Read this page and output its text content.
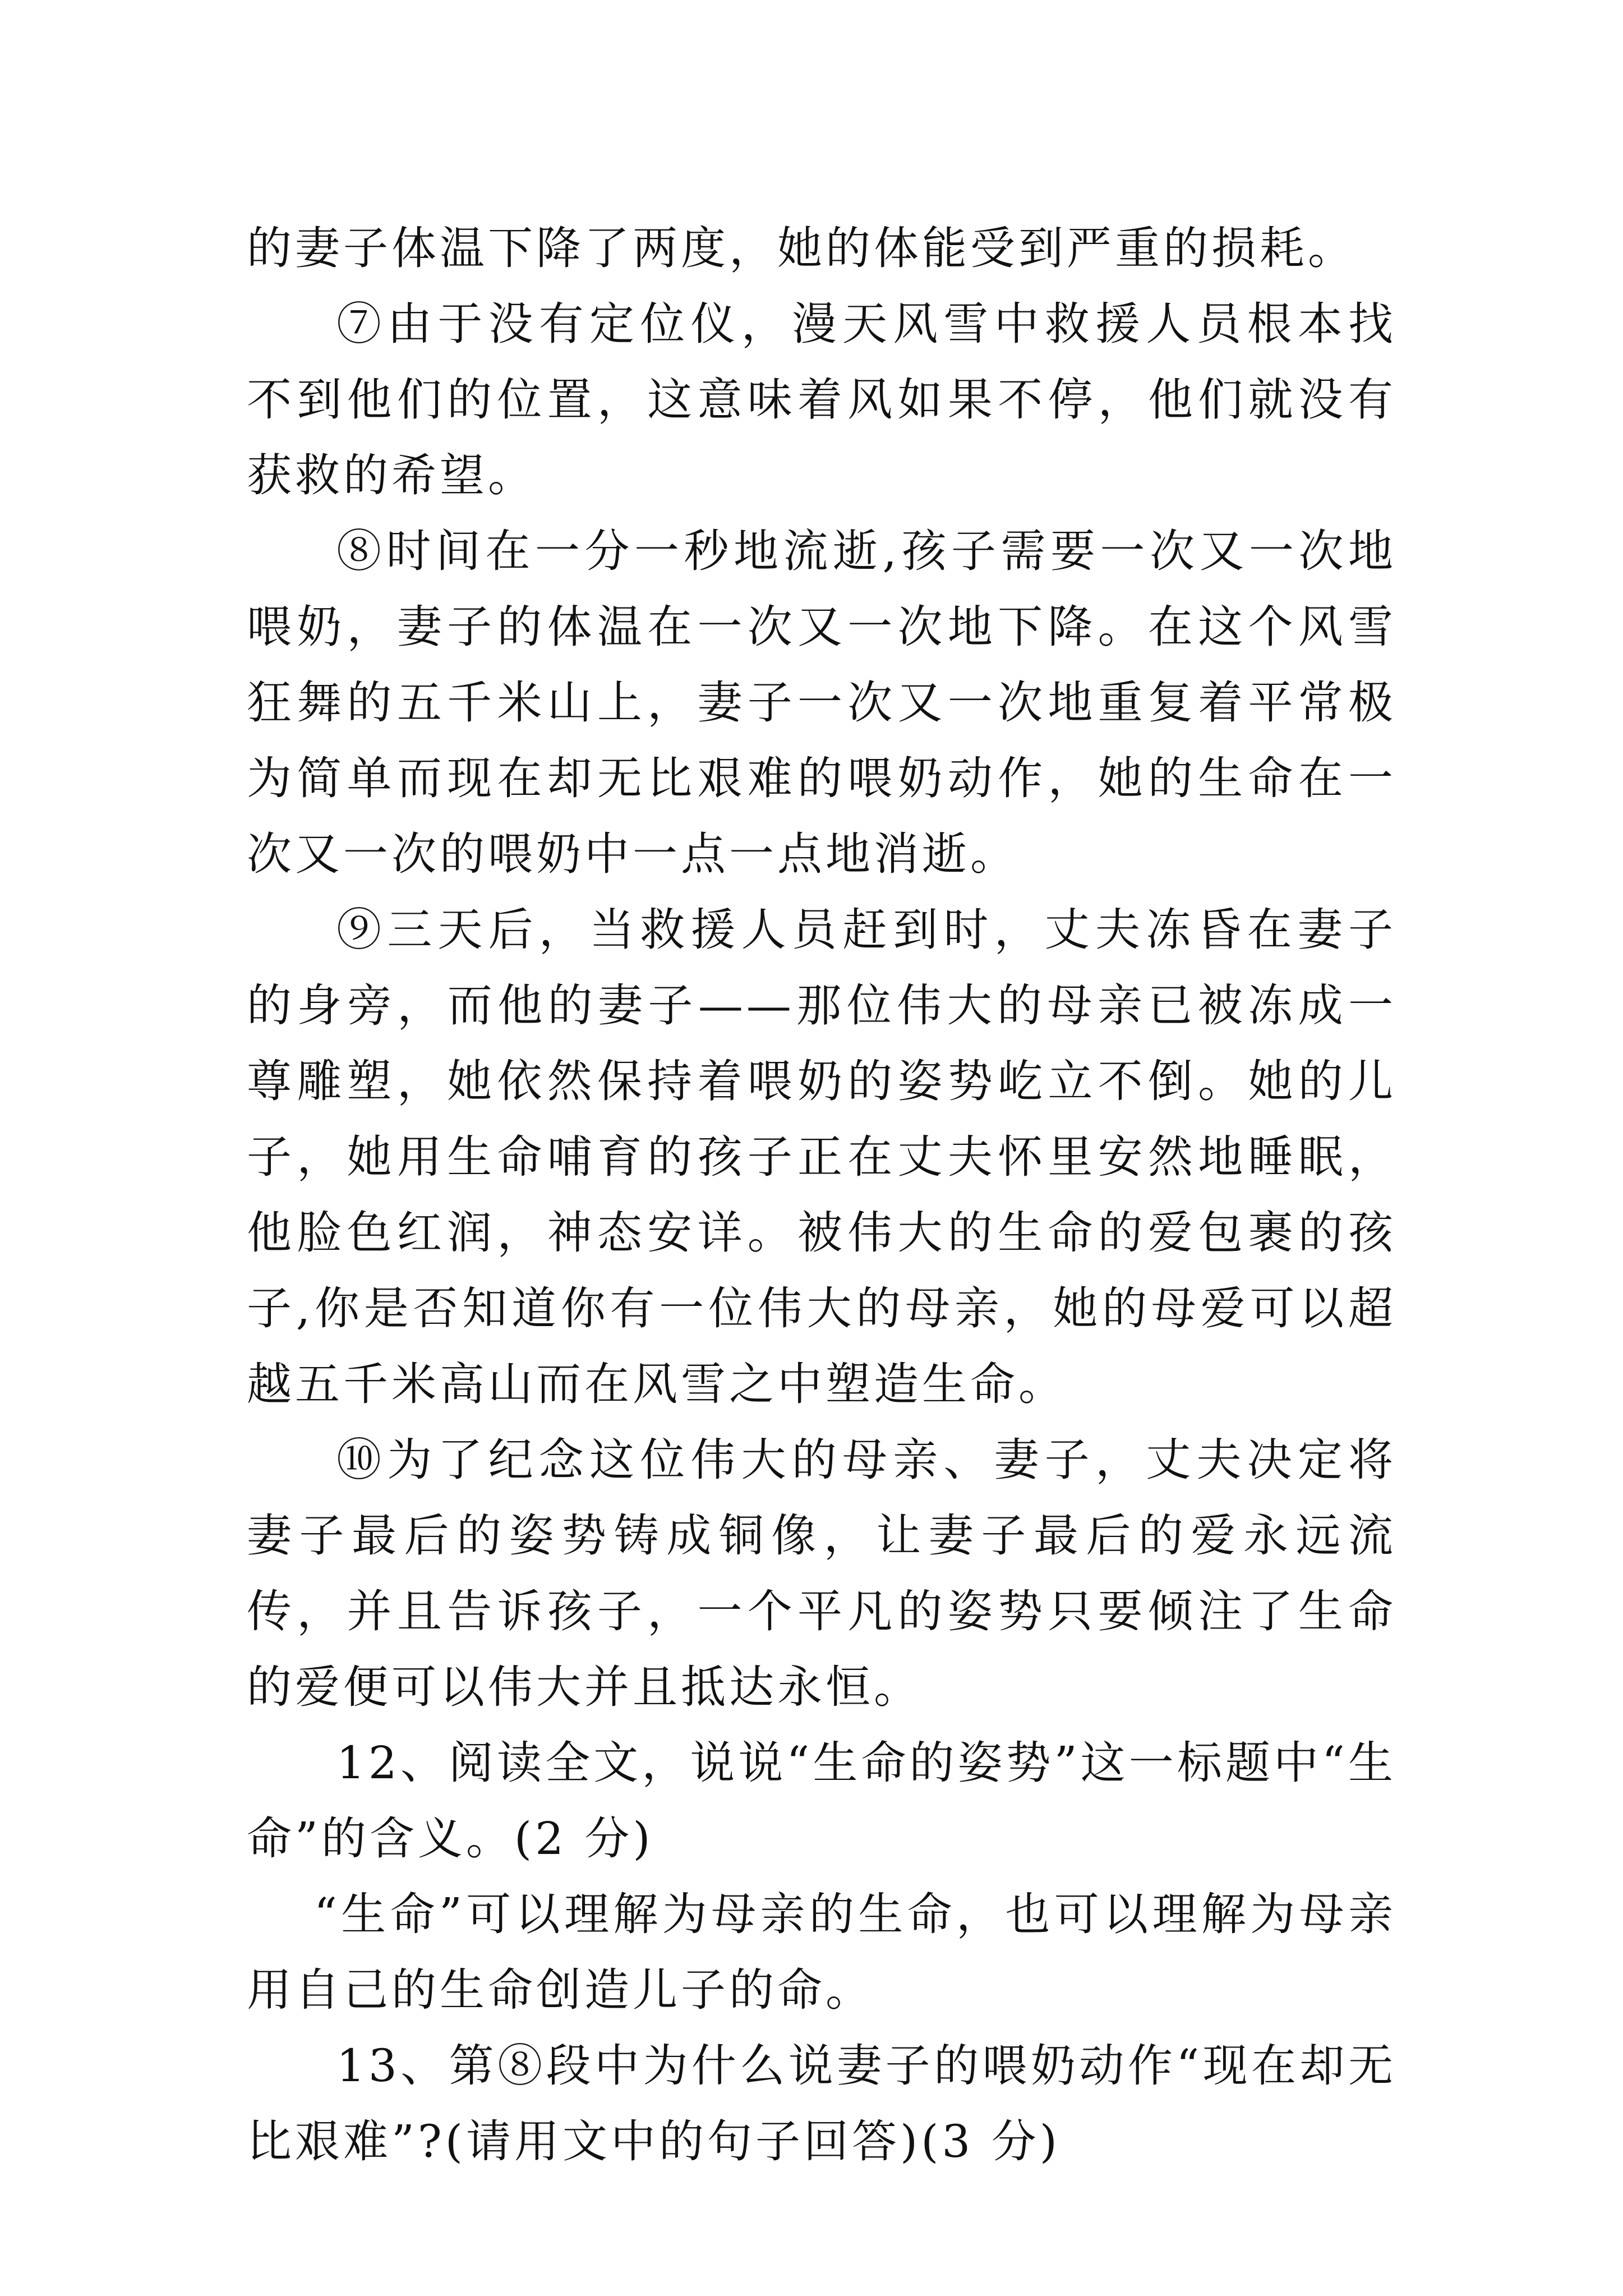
的妻子体温下降了两度，她的体能受到严重的损耗。

⑦由于没有定位仪，漫天风雪中救援人员根本找不到他们的位置，这意味着风如果不停，他们就没有获救的希望。

⑧时间在一分一秒地流逝,孩子需要一次又一次地喂奶，妻子的体温在一次又一次地下降。在这个风雪狂舞的五千米山上，妻子一次又一次地重复着平常极为简单而现在却无比艰难的喂奶动作，她的生命在一次又一次的喂奶中一点一点地消逝。

⑨三天后，当救援人员赶到时，丈夫冻昏在妻子的身旁，而他的妻子——那位伟大的母亲已被冻成一尊雕塑，她依然保持着喂奶的姿势屹立不倒。她的儿子，她用生命哺育的孩子正在丈夫怀里安然地睡眠，他脸色红润，神态安详。被伟大的生命的爱包裹的孩子,你是否知道你有一位伟大的母亲，她的母爱可以超越五千米高山而在风雪之中塑造生命。

⑩为了纪念这位伟大的母亲、妻子，丈夫决定将妻子最后的姿势铸成铜像，让妻子最后的爱永远流传，并且告诉孩子，一个平凡的姿势只要倾注了生命的爱便可以伟大并且抵达永恒。

12、阅读全文，说说“生命的姿势”这一标题中“生命”的含义。(2 分)

“生命”可以理解为母亲的生命，也可以理解为母亲用自己的生命创造儿子的命。

13、第⑧段中为什么说妻子的喂奶动作“现在却无比艰难”?(请用文中的句子回答)(3 分)
